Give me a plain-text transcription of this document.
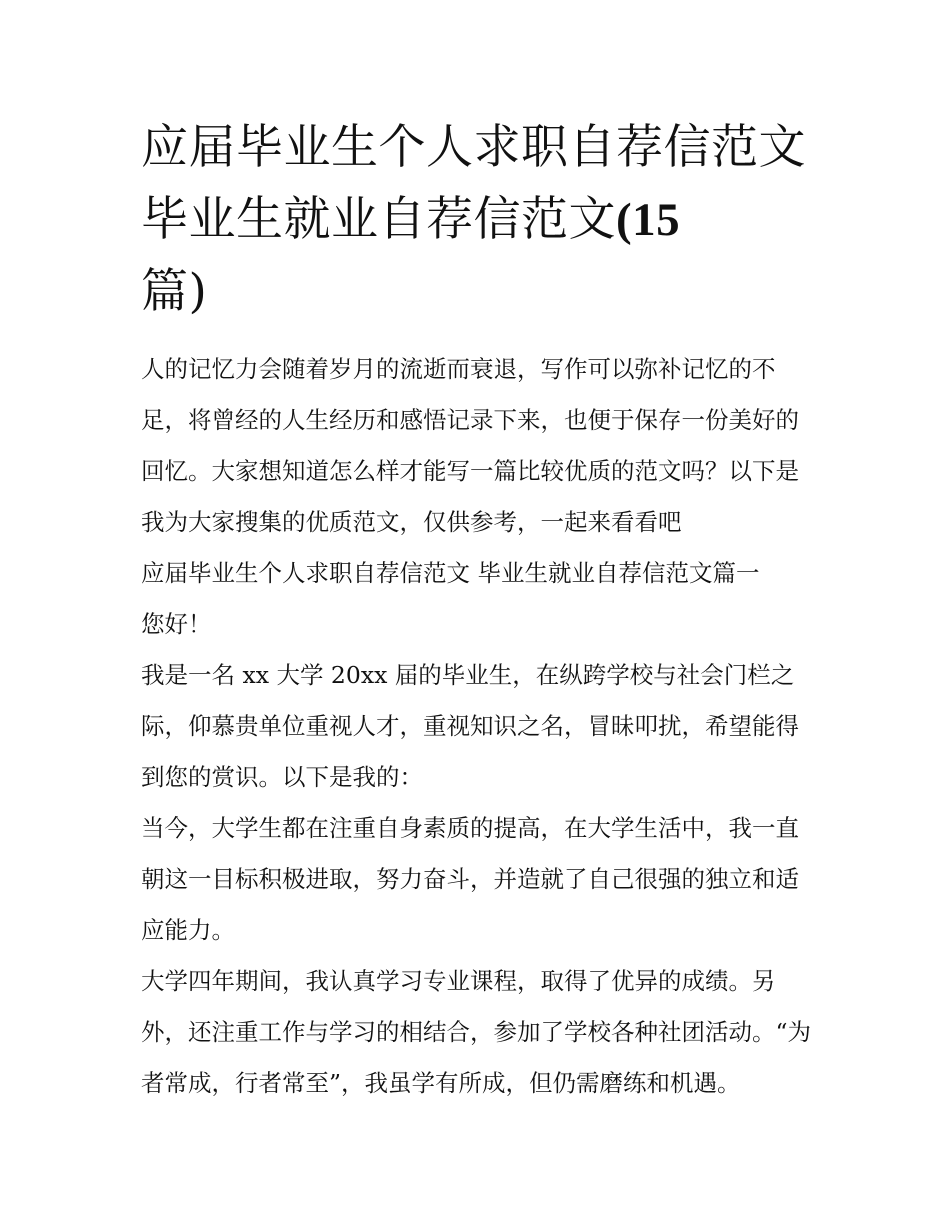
应届毕业生个人求职自荐信范文 毕业生就业自荐信范文(15
篇)

人的记忆力会随着岁月的流逝而衰退，写作可以弥补记忆的不足，将曾经的人生经历和感悟记录下来，也便于保存一份美好的回忆。大家想知道怎么样才能写一篇比较优质的范文吗？以下是我为大家搜集的优质范文，仅供参考，一起来看看吧

应届毕业生个人求职自荐信范文 毕业生就业自荐信范文篇一

您好！

我是一名 xx 大学 20xx 届的毕业生，在纵跨学校与社会门栏之际，仰慕贵单位重视人才，重视知识之名，冒昧叩扰，希望能得到您的赏识。以下是我的：

当今，大学生都在注重自身素质的提高，在大学生活中，我一直朝这一目标积极进取，努力奋斗，并造就了自己很强的独立和适应能力。

大学四年期间，我认真学习专业课程，取得了优异的成绩。另外，还注重工作与学习的相结合，参加了学校各种社团活动。“为者常成，行者常至”，我虽学有所成，但仍需磨练和机遇。
